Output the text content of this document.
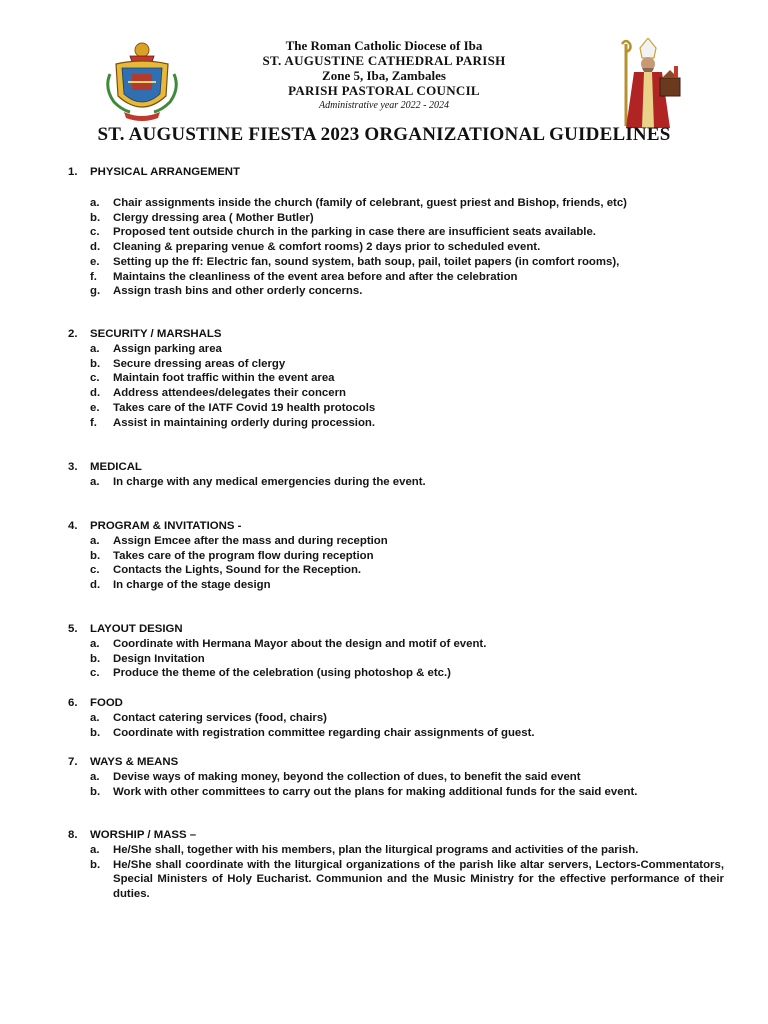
The Roman Catholic Diocese of Iba
ST. AUGUSTINE CATHEDRAL PARISH
Zone 5, Iba, Zambales
PARISH PASTORAL COUNCIL
Administrative year 2022 - 2024
ST. AUGUSTINE FIESTA 2023 ORGANIZATIONAL GUIDELINES
1. PHYSICAL ARRANGEMENT
a. Chair assignments inside the church (family of celebrant, guest priest and Bishop, friends, etc)
b. Clergy dressing area ( Mother Butler)
c. Proposed tent outside church in the parking in case there are insufficient seats available.
d. Cleaning & preparing venue & comfort rooms) 2 days prior to scheduled event.
e. Setting up the ff: Electric fan, sound system, bath soup, pail, toilet papers (in comfort rooms),
f. Maintains the cleanliness of the event area before and after the celebration
g. Assign trash bins and other orderly concerns.
2. SECURITY / MARSHALS
a. Assign parking area
b. Secure dressing areas of clergy
c. Maintain foot traffic within the event area
d. Address attendees/delegates their concern
e. Takes care of the IATF Covid 19 health protocols
f. Assist in maintaining orderly during procession.
3. MEDICAL
a. In charge with any medical emergencies during the event.
4. PROGRAM & INVITATIONS -
a. Assign Emcee after the mass and during reception
b. Takes care of the program flow during reception
c. Contacts the Lights, Sound for the Reception.
d. In charge of the stage design
5. LAYOUT DESIGN
a. Coordinate with Hermana Mayor about the design and motif of event.
b. Design Invitation
c. Produce the theme of the celebration (using photoshop & etc.)
6. FOOD
a. Contact catering services (food, chairs)
b. Coordinate with registration committee regarding chair assignments of guest.
7. WAYS & MEANS
a. Devise ways of making money, beyond the collection of dues, to benefit the said event
b. Work with other committees to carry out the plans for making additional funds for the said event.
8. WORSHIP / MASS –
a. He/She shall, together with his members, plan the liturgical programs and activities of the parish.
b. He/She shall coordinate with the liturgical organizations of the parish like altar servers, Lectors-Commentators, Special Ministers of Holy Eucharist. Communion and the Music Ministry for the effective performance of their duties.
